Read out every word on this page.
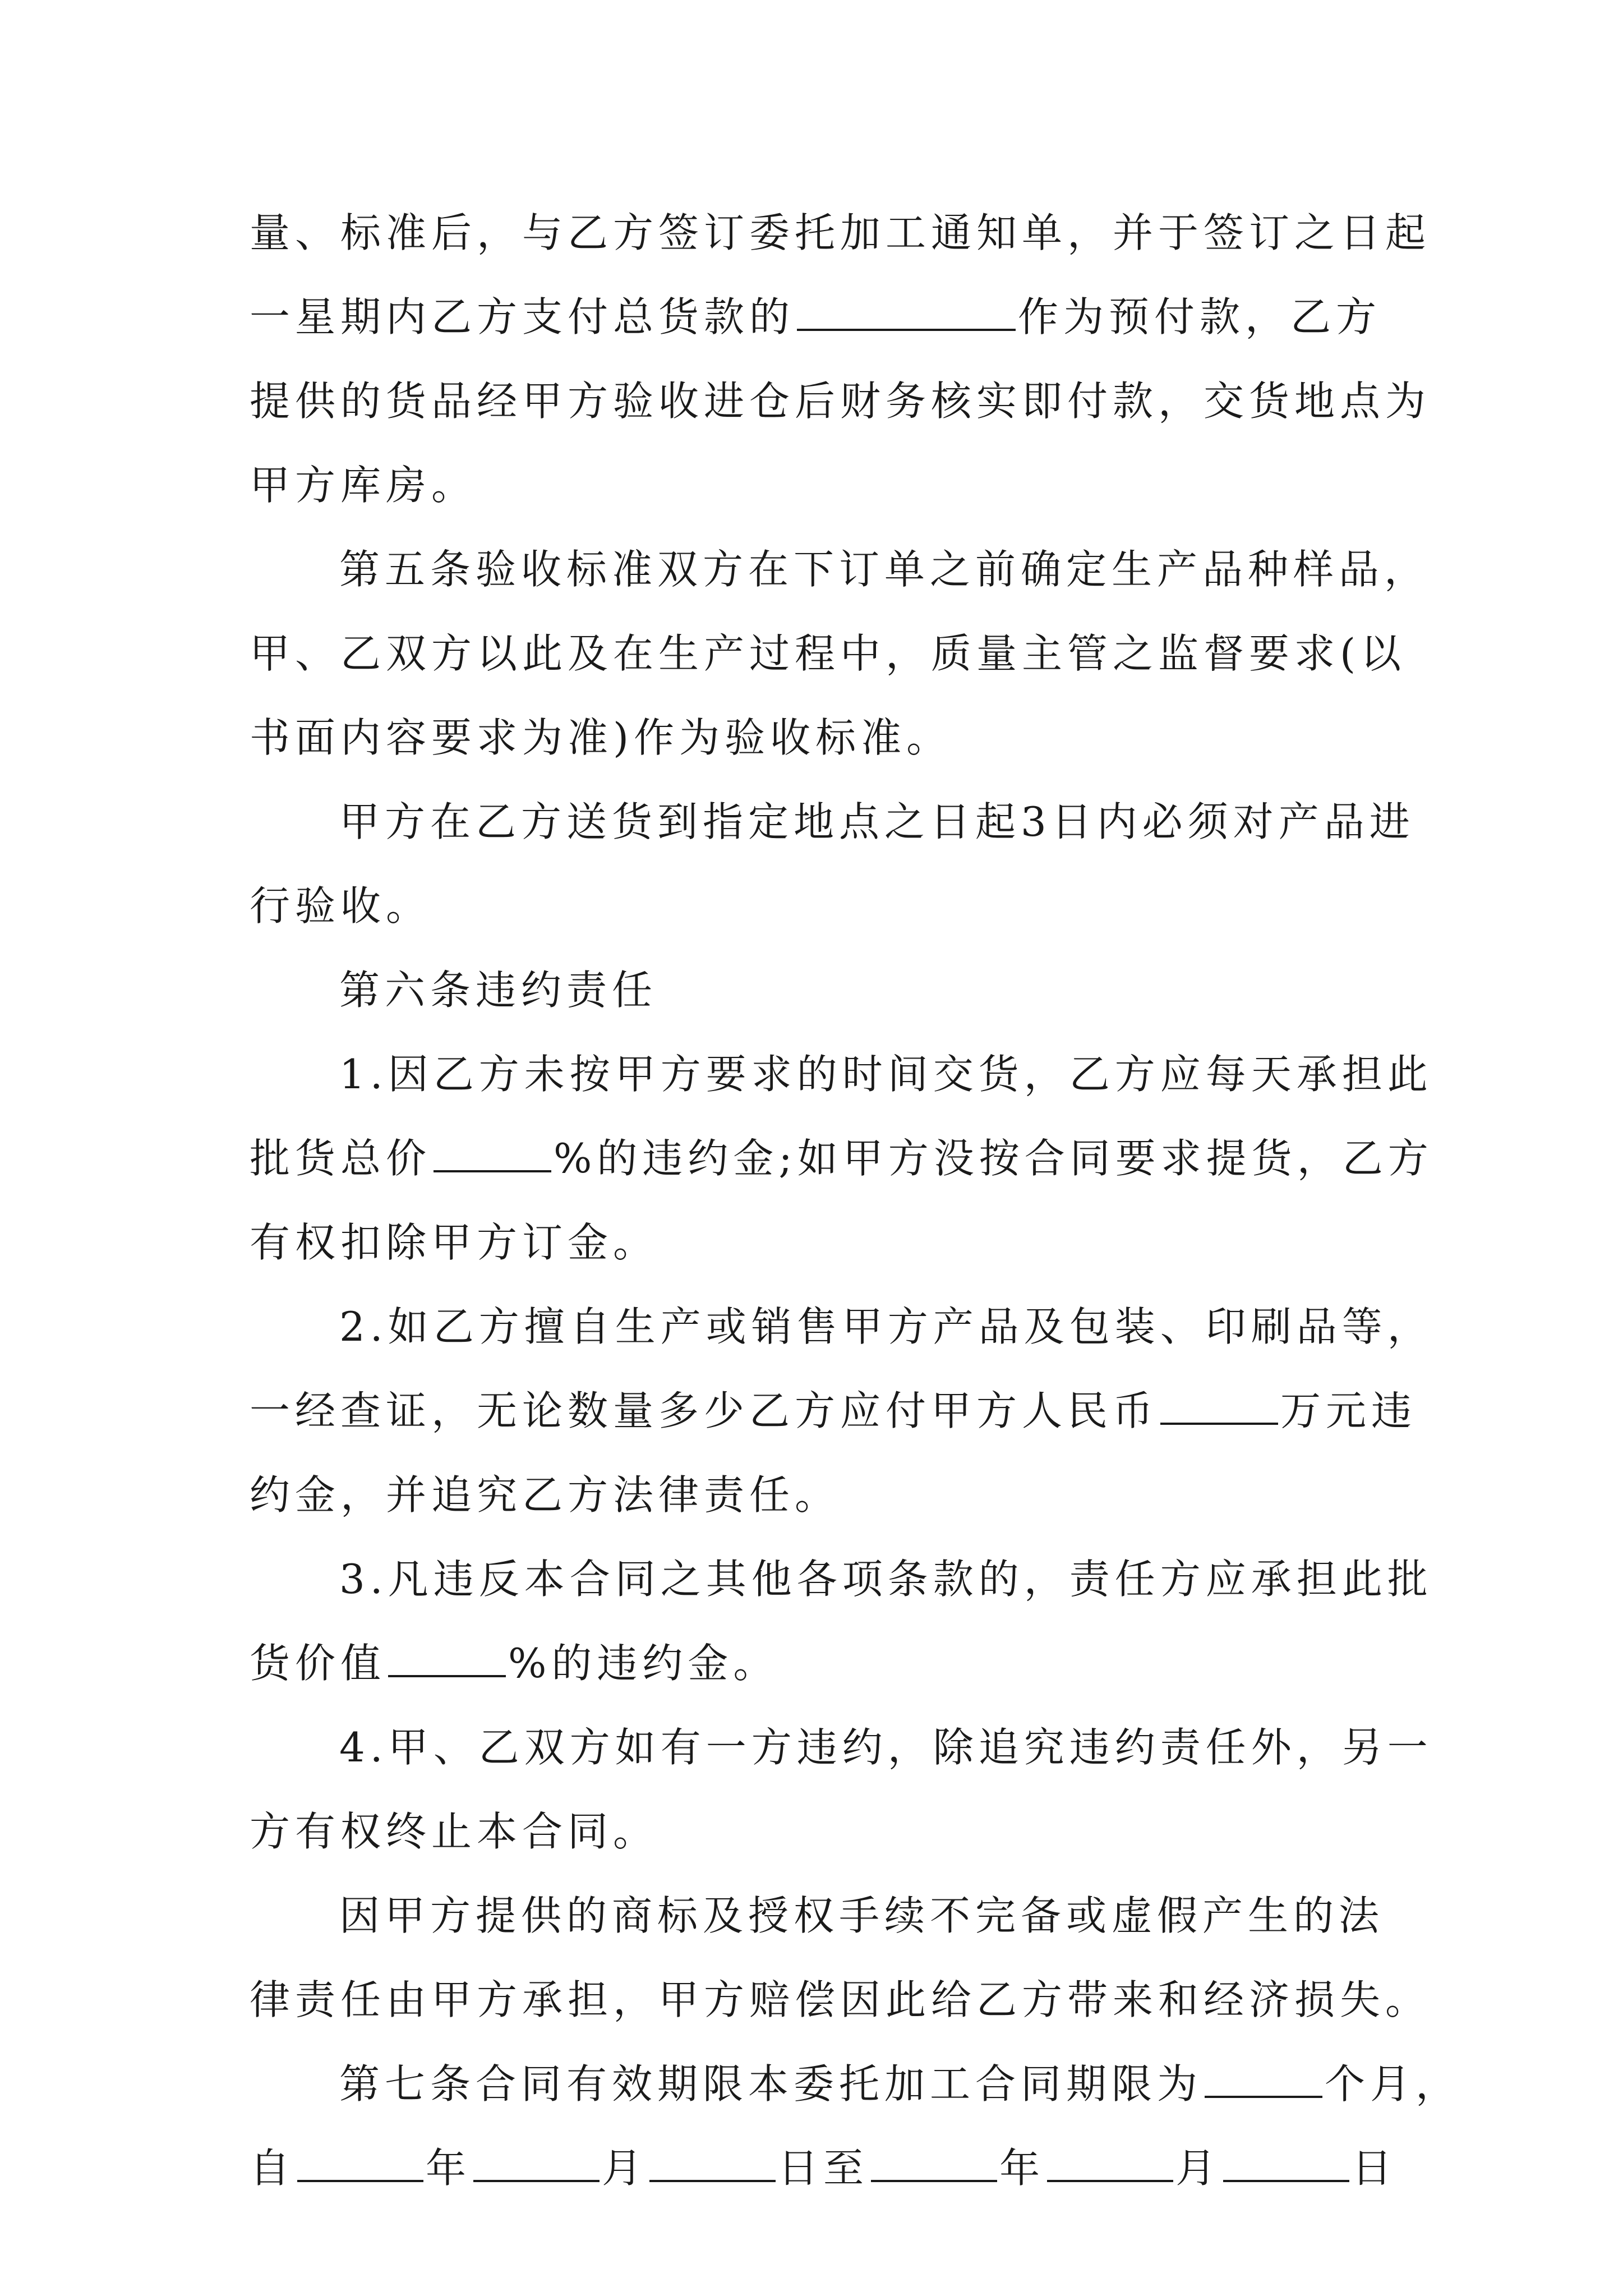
量、标准后，与乙方签订委托加工通知单，并于签订之日起
一星期内乙方支付总货款的	作为预付款，乙方
提供的货品经甲方验收进仓后财务核实即付款，交货地点为
甲方库房。
第五条验收标准双方在下订单之前确定生产品种样品，
甲、乙双方以此及在生产过程中，质量主管之监督要求(以
书面内容要求为准)作为验收标准。
甲方在乙方送货到指定地点之日起3日内必须对产品进
行验收。
第六条违约责任
1.因乙方未按甲方要求的时间交货，乙方应每天承担此
批货总价	%的违约金;如甲方没按合同要求提货，乙方
有权扣除甲方订金。
2.如乙方擅自生产或销售甲方产品及包装、印刷品等，
一经查证，无论数量多少乙方应付甲方人民币	万元违
约金，并追究乙方法律责任。
3.凡违反本合同之其他各项条款的，责任方应承担此批
货价值	%的违约金。
4.甲、乙双方如有一方违约，除追究违约责任外，另一
方有权终止本合同。
因甲方提供的商标及授权手续不完备或虚假产生的法
律责任由甲方承担，甲方赔偿因此给乙方带来和经济损失。
第七条合同有效期限本委托加工合同期限为	个月，
自	年	月	日至	年	月	日
